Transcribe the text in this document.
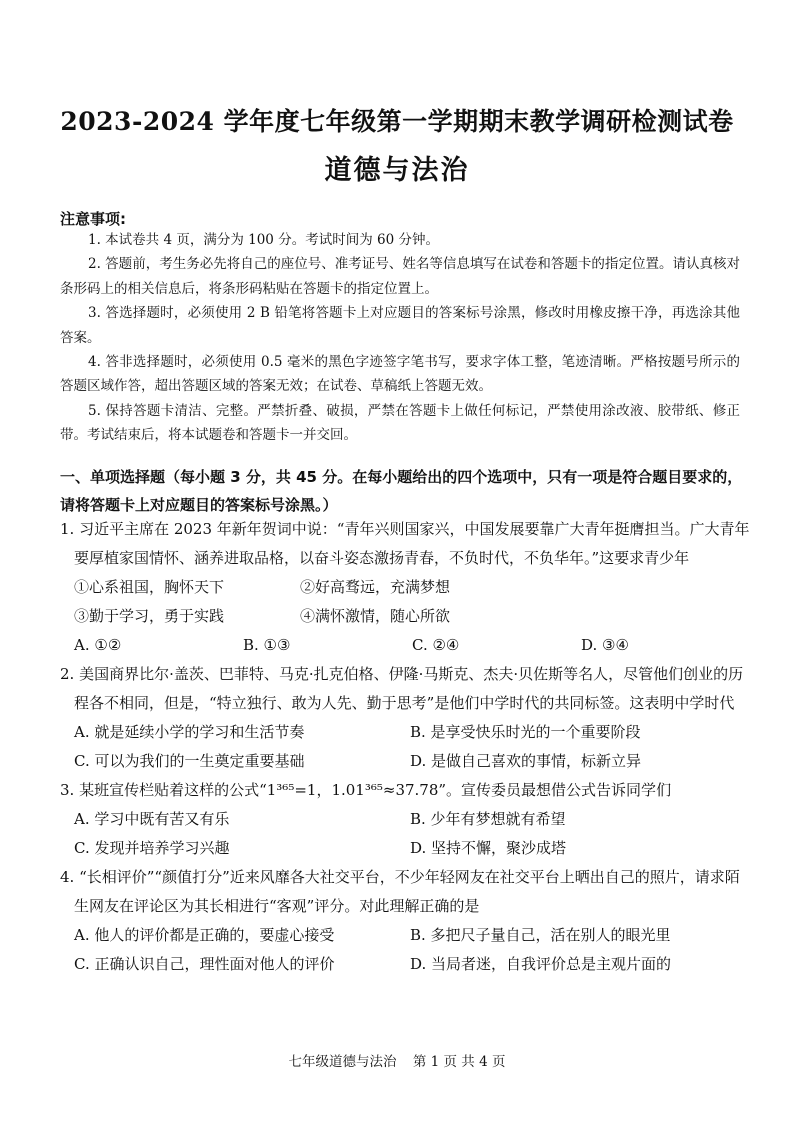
2023-2024 学年度七年级第一学期期末教学调研检测试卷
道德与法治
注意事项:

1. 本试卷共 4 页，满分为 100 分。考试时间为 60 分钟。

2. 答题前，考生务必先将自己的座位号、准考证号、姓名等信息填写在试卷和答题卡的指定位置。请认真核对条形码上的相关信息后，将条形码粘贴在答题卡的指定位置上。

3. 答选择题时，必须使用 2 B 铅笔将答题卡上对应题目的答案标号涂黑，修改时用橡皮擦干净，再选涂其他答案。

4. 答非选择题时，必须使用 0.5 毫米的黑色字迹签字笔书写，要求字体工整，笔迹清晰。严格按题号所示的答题区域作答，超出答题区域的答案无效；在试卷、草稿纸上答题无效。

5. 保持答题卡清洁、完整。严禁折叠、破损，严禁在答题卡上做任何标记，严禁使用涂改液、胶带纸、修正带。考试结束后，将本试题卷和答题卡一并交回。

一、单项选择题（每小题 3 分，共 45 分。在每小题给出的四个选项中，只有一项是符合题目要求的，请将答题卡上对应题目的答案标号涂黑。）

1. 习近平主席在 2023 年新年贺词中说：“青年兴则国家兴，中国发展要靠广大青年挺膺担当。广大青年要厚植家国情怀、涵养进取品格，以奋斗姿态激扬青春，不负时代，不负华年。”这要求青少年

①心系祖国，胸怀天下	②好高骛远，充满梦想
③勤于学习，勇于实践	④满怀激情，随心所欲
A. ①②	B. ①③	C. ②④	D. ③④

2. 美国商界比尔·盖茨、巴菲特、马克·扎克伯格、伊隆·马斯克、杰夫·贝佐斯等名人，尽管他们创业的历程各不相同，但是，“特立独行、敢为人先、勤于思考”是他们中学时代的共同标签。这表明中学时代

A. 就是延续小学的学习和生活节奏	B. 是享受快乐时光的一个重要阶段
C. 可以为我们的一生奠定重要基础	D. 是做自己喜欢的事情，标新立异

3. 某班宣传栏贴着这样的公式“1³⁶⁵=1，1.01³⁶⁵≈37.78”。宣传委员最想借公式告诉同学们

A. 学习中既有苦又有乐	B. 少年有梦想就有希望
C. 发现并培养学习兴趣	D. 坚持不懈，聚沙成塔

4. “长相评价”“颜值打分”近来风靡各大社交平台，不少年轻网友在社交平台上晒出自己的照片，请求陌生网友在评论区为其长相进行“客观”评分。对此理解正确的是

A. 他人的评价都是正确的，要虚心接受	B. 多把尺子量自己，活在别人的眼光里
C. 正确认识自己，理性面对他人的评价	D. 当局者迷，自我评价总是主观片面的
七年级道德与法治 第 1 页 共 4 页
